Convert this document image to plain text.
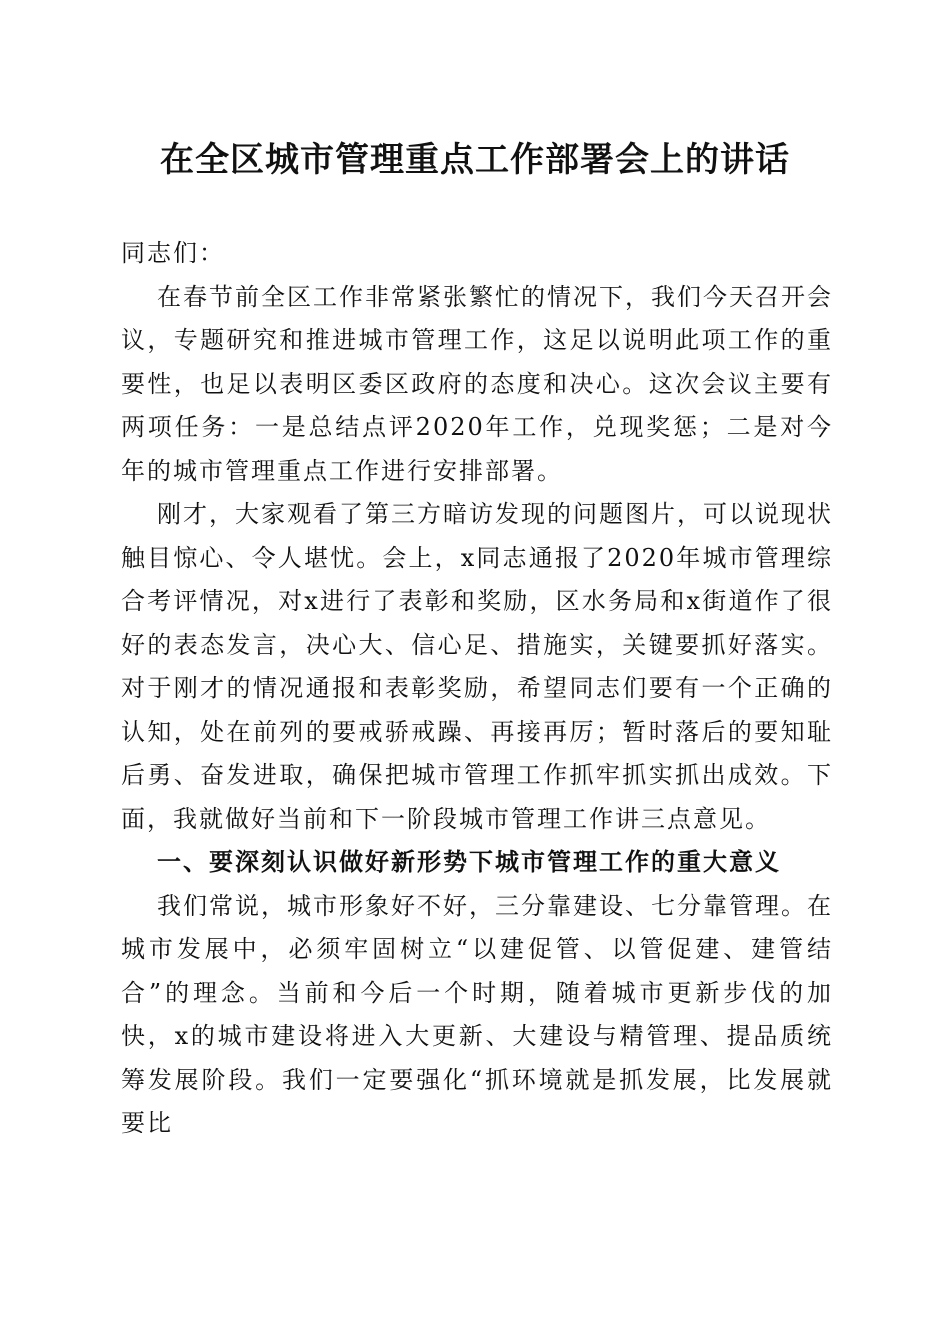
在全区城市管理重点工作部署会上的讲话

同志们：

在春节前全区工作非常紧张繁忙的情况下，我们今天召开会议，专题研究和推进城市管理工作，这足以说明此项工作的重要性，也足以表明区委区政府的态度和决心。这次会议主要有两项任务：一是总结点评2020年工作，兑现奖惩；二是对今年的城市管理重点工作进行安排部署。

刚才，大家观看了第三方暗访发现的问题图片，可以说现状触目惊心、令人堪忧。会上，x同志通报了2020年城市管理综合考评情况，对x进行了表彰和奖励，区水务局和x街道作了很好的表态发言，决心大、信心足、措施实，关键要抓好落实。对于刚才的情况通报和表彰奖励，希望同志们要有一个正确的认知，处在前列的要戒骄戒躁、再接再厉；暂时落后的要知耻后勇、奋发进取，确保把城市管理工作抓牢抓实抓出成效。下面，我就做好当前和下一阶段城市管理工作讲三点意见。

一、要深刻认识做好新形势下城市管理工作的重大意义

我们常说，城市形象好不好，三分靠建设、七分靠管理。在城市发展中，必须牢固树立“以建促管、以管促建、建管结合”的理念。当前和今后一个时期，随着城市更新步伐的加快，x的城市建设将进入大更新、大建设与精管理、提品质统筹发展阶段。我们一定要强化“抓环境就是抓发展，比发展就要比
